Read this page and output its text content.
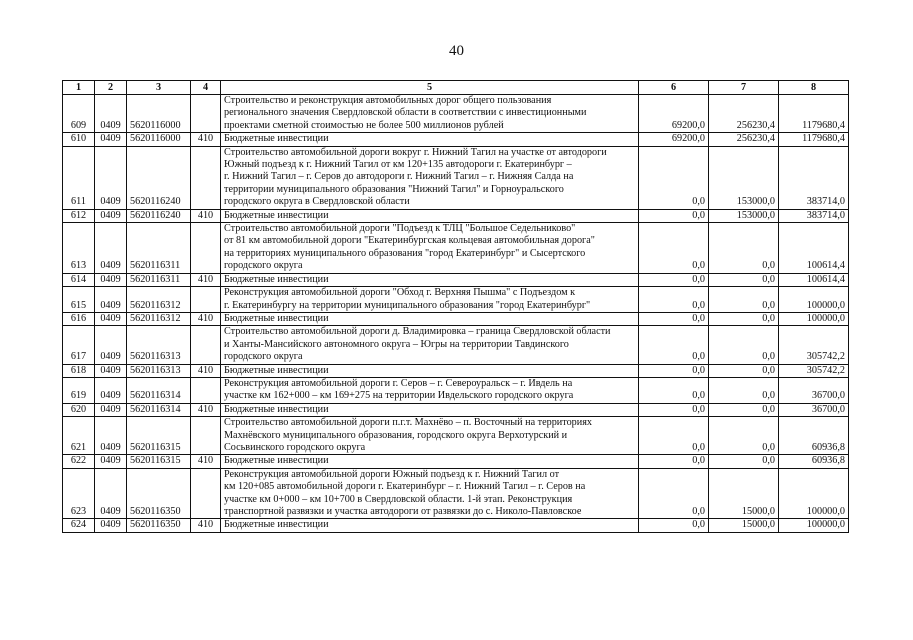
40
1	2	3	4	5	6	7	8
609	0409	5620116000		Строительство и реконструкция автомобильных дорог общего пользования
регионального значения Свердловской области в соответствии с инвестиционными
проектами сметной стоимостью не более 500 миллионов рублей	69200,0	256230,4	1179680,4
610	0409	5620116000	410	Бюджетные инвестиции	69200,0	256230,4	1179680,4
611	0409	5620116240		Строительство автомобильной дороги вокруг г. Нижний Тагил на участке от автодороги
Южный подъезд к г. Нижний Тагил от км 120+135 автодороги г. Екатеринбург –
г. Нижний Тагил – г. Серов до автодороги г. Нижний Тагил – г. Нижняя Салда на
территории муниципального образования "Нижний Тагил" и Горноуральского
городского округа в Свердловской области	0,0	153000,0	383714,0
612	0409	5620116240	410	Бюджетные инвестиции	0,0	153000,0	383714,0
613	0409	5620116311		Строительство автомобильной дороги "Подъезд к ТЛЦ "Большое Седельниково"
от 81 км автомобильной дороги "Екатеринбургская кольцевая автомобильная дорога"
на территориях муниципального образования "город Екатеринбург" и Сысертского
городского округа	0,0	0,0	100614,4
614	0409	5620116311	410	Бюджетные инвестиции	0,0	0,0	100614,4
615	0409	5620116312		Реконструкция автомобильной дороги "Обход г. Верхняя Пышма" с Подъездом к
г. Екатеринбургу на территории муниципального образования "город Екатеринбург"	0,0	0,0	100000,0
616	0409	5620116312	410	Бюджетные инвестиции	0,0	0,0	100000,0
617	0409	5620116313		Строительство автомобильной дороги д. Владимировка – граница Свердловской области
и Ханты-Мансийского автономного округа – Югры на территории Тавдинского
городского округа	0,0	0,0	305742,2
618	0409	5620116313	410	Бюджетные инвестиции	0,0	0,0	305742,2
619	0409	5620116314		Реконструкция автомобильной дороги г. Серов – г. Североуральск – г. Ивдель на
участке км 162+000 – км 169+275 на территории Ивдельского городского округа	0,0	0,0	36700,0
620	0409	5620116314	410	Бюджетные инвестиции	0,0	0,0	36700,0
621	0409	5620116315		Строительство автомобильной дороги п.г.т. Махнёво – п. Восточный на территориях
Махнёвского муниципального образования, городского округа Верхотурский и
Сосьвинского городского округа	0,0	0,0	60936,8
622	0409	5620116315	410	Бюджетные инвестиции	0,0	0,0	60936,8
623	0409	5620116350		Реконструкция автомобильной дороги Южный подъезд к г. Нижний Тагил от
км 120+085 автомобильной дороги г. Екатеринбург – г. Нижний Тагил – г. Серов на
участке км 0+000 – км 10+700 в Свердловской области. 1-й этап. Реконструкция
транспортной развязки и участка автодороги от развязки до с. Николо-Павловское	0,0	15000,0	100000,0
624	0409	5620116350	410	Бюджетные инвестиции	0,0	15000,0	100000,0
